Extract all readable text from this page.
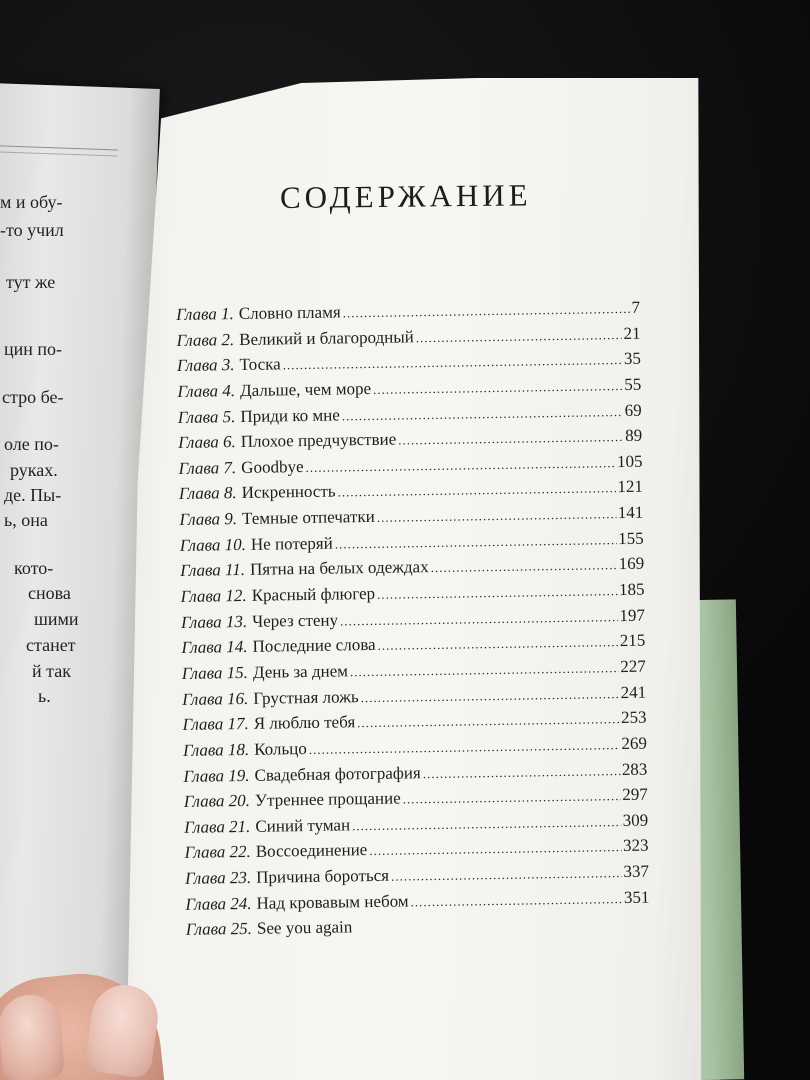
м и обу-
-то учил
тут же
цин по-
стро бе-
оле по-
руках.
де. Пы-
ь, она
кото-
снова
шими
станет
й так
ь.
СОДЕРЖАНИЕ
Глава 1. Словно пламя .....	7
Глава 2. Великий и благородный .....	21
Глава 3. Тоска .....	35
Глава 4. Дальше, чем море .....	55
Глава 5. Приди ко мне .....	69
Глава 6. Плохое предчувствие .....	89
Глава 7. Goodbye .....	105
Глава 8. Искренность .....	121
Глава 9. Темные отпечатки .....	141
Глава 10. Не потеряй .....	155
Глава 11. Пятна на белых одеждах .....	169
Глава 12. Красный флюгер .....	185
Глава 13. Через стену .....	197
Глава 14. Последние слова .....	215
Глава 15. День за днем .....	227
Глава 16. Грустная ложь .....	241
Глава 17. Я люблю тебя .....	253
Глава 18. Кольцо .....	269
Глава 19. Свадебная фотография .....	283
Глава 20. Утреннее прощание .....	297
Глава 21. Синий туман .....	309
Глава 22. Воссоединение .....	323
Глава 23. Причина бороться .....	337
Глава 24. Над кровавым небом .....	351
Глава 25. See you again
